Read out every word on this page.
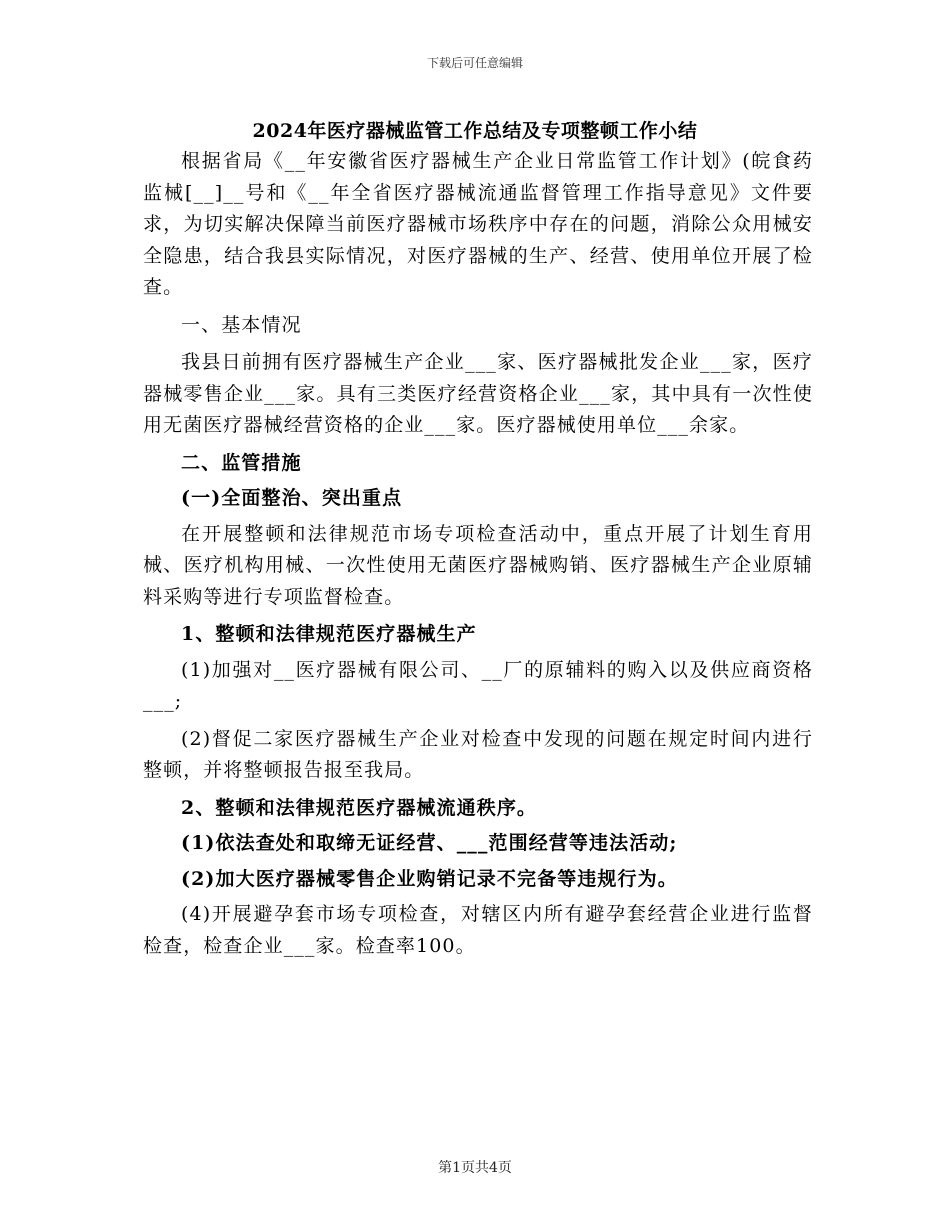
下载后可任意编辑
2024年医疗器械监管工作总结及专项整顿工作小结

根据省局《__年安徽省医疗器械生产企业日常监管工作计划》(皖食药监械[__]__号和《__年全省医疗器械流通监督管理工作指导意见》文件要求，为切实解决保障当前医疗器械市场秩序中存在的问题，消除公众用械安全隐患，结合我县实际情况，对医疗器械的生产、经营、使用单位开展了检查。

一、基本情况

我县日前拥有医疗器械生产企业___家、医疗器械批发企业___家，医疗器械零售企业___家。具有三类医疗经营资格企业___家，其中具有一次性使用无菌医疗器械经营资格的企业___家。医疗器械使用单位___余家。

二、监管措施

(一)全面整治、突出重点

在开展整顿和法律规范市场专项检查活动中，重点开展了计划生育用械、医疗机构用械、一次性使用无菌医疗器械购销、医疗器械生产企业原辅料采购等进行专项监督检查。

1、整顿和法律规范医疗器械生产

(1)加强对__医疗器械有限公司、__厂的原辅料的购入以及供应商资格___;

(2)督促二家医疗器械生产企业对检查中发现的问题在规定时间内进行整顿，并将整顿报告报至我局。

2、整顿和法律规范医疗器械流通秩序。

(1)依法查处和取缔无证经营、___范围经营等违法活动;

(2)加大医疗器械零售企业购销记录不完备等违规行为。

(4)开展避孕套市场专项检查，对辖区内所有避孕套经营企业进行监督检查，检查企业___家。检查率100。

第1页共4页
